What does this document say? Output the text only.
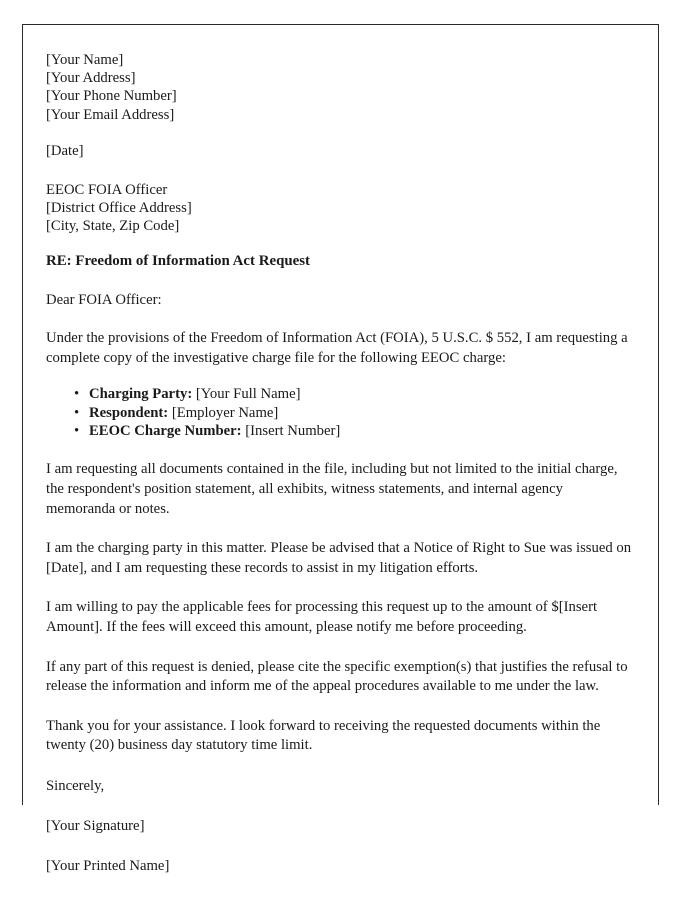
[Your Name]
[Your Address]
[Your Phone Number]
[Your Email Address]
[Date]
EEOC FOIA Officer
[District Office Address]
[City, State, Zip Code]
RE: Freedom of Information Act Request
Dear FOIA Officer:

Under the provisions of the Freedom of Information Act (FOIA), 5 U.S.C. $ 552, I am requesting a complete copy of the investigative charge file for the following EEOC charge:

• Charging Party: [Your Full Name]
• Respondent: [Employer Name]
• EEOC Charge Number: [Insert Number]

I am requesting all documents contained in the file, including but not limited to the initial charge, the respondent's position statement, all exhibits, witness statements, and internal agency memoranda or notes.

I am the charging party in this matter. Please be advised that a Notice of Right to Sue was issued on [Date], and I am requesting these records to assist in my litigation efforts.

I am willing to pay the applicable fees for processing this request up to the amount of $[Insert Amount]. If the fees will exceed this amount, please notify me before proceeding.

If any part of this request is denied, please cite the specific exemption(s) that justifies the refusal to release the information and inform me of the appeal procedures available to me under the law.

Thank you for your assistance. I look forward to receiving the requested documents within the twenty (20) business day statutory time limit.

Sincerely,
[Your Signature]
[Your Printed Name]
